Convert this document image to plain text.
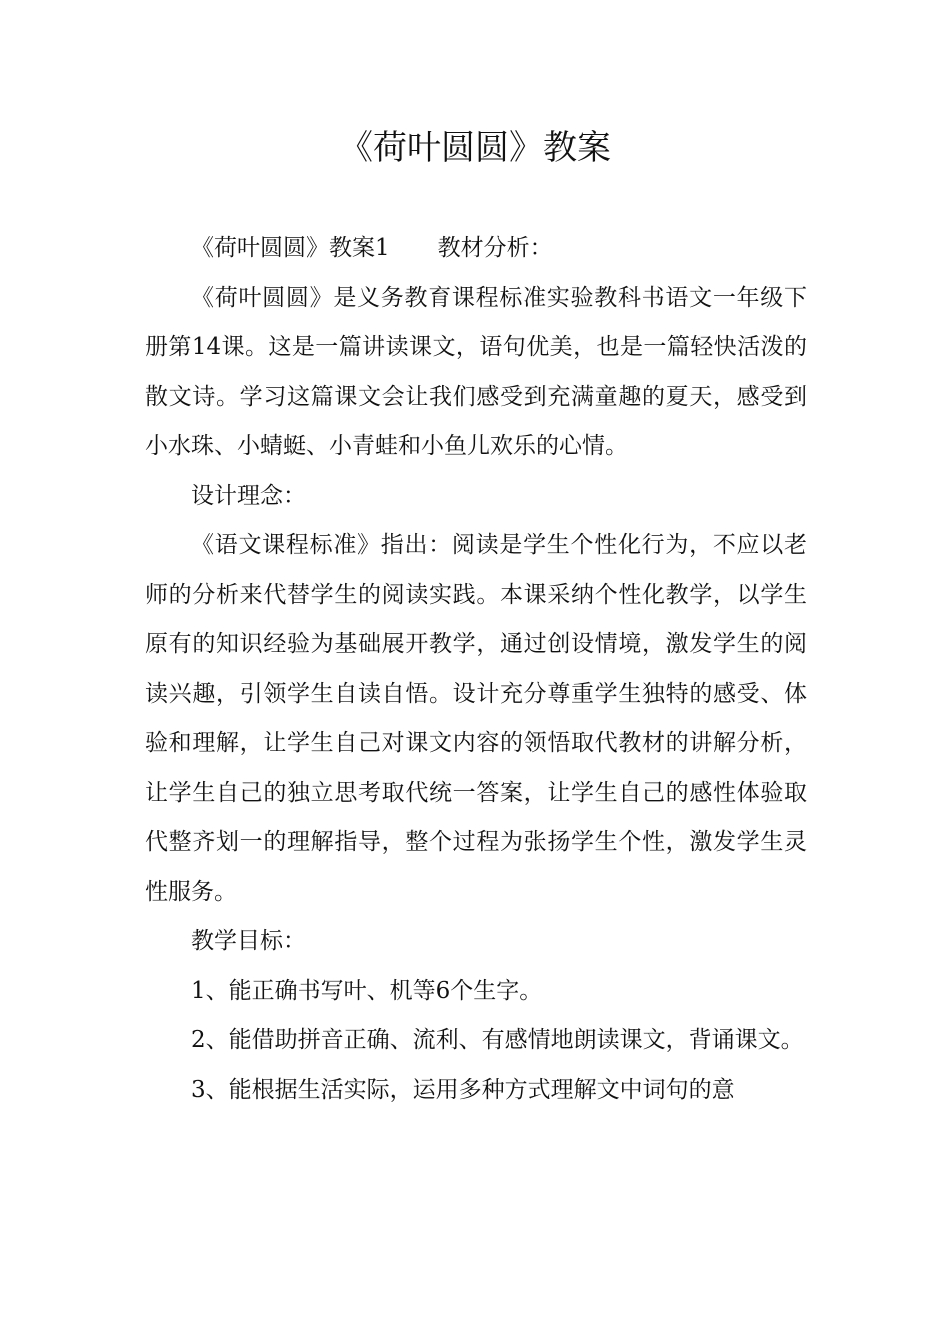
《荷叶圆圆》教案

《荷叶圆圆》教案1 教材分析：

《荷叶圆圆》是义务教育课程标准实验教科书语文一年级下册第14课。这是一篇讲读课文，语句优美，也是一篇轻快活泼的散文诗。学习这篇课文会让我们感受到充满童趣的夏天，感受到小水珠、小蜻蜓、小青蛙和小鱼儿欢乐的心情。

设计理念：

《语文课程标准》指出：阅读是学生个性化行为，不应以老师的分析来代替学生的阅读实践。本课采纳个性化教学，以学生原有的知识经验为基础展开教学，通过创设情境，激发学生的阅读兴趣，引领学生自读自悟。设计充分尊重学生独特的感受、体验和理解，让学生自己对课文内容的领悟取代教材的讲解分析，让学生自己的独立思考取代统一答案，让学生自己的感性体验取代整齐划一的理解指导，整个过程为张扬学生个性，激发学生灵性服务。

教学目标：

1、能正确书写叶、机等6个生字。

2、能借助拼音正确、流利、有感情地朗读课文，背诵课文。

3、能根据生活实际，运用多种方式理解文中词句的意
